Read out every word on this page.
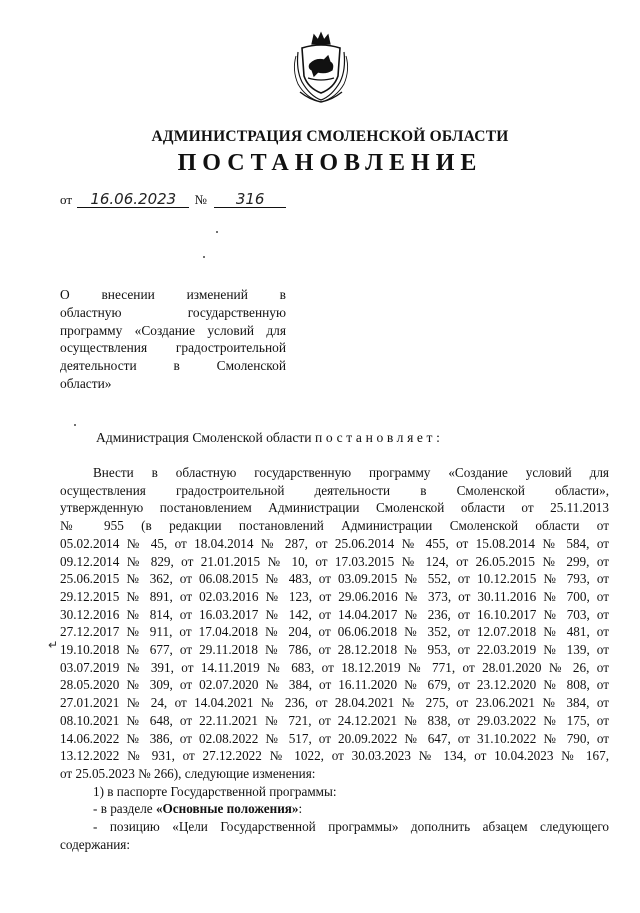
АДМИНИСТРАЦИЯ СМОЛЕНСКОЙ ОБЛАСТИ
ПОСТАНОВЛЕНИЕ
от 16.06.2023 № 316
О внесении изменений в
областную государственную
программу «Создание условий для
осуществления градостроительной
деятельности в Смоленской
области»
Администрация Смоленской области постановляет:
↵
Внести в областную государственную программу «Создание условий для
осуществления градостроительной деятельности в Смоленской области»,
утвержденную постановлением Администрации Смоленской области от 25.11.2013
№ 955 (в редакции постановлений Администрации Смоленской области от
05.02.2014 № 45, от 18.04.2014 № 287, от 25.06.2014 № 455, от 15.08.2014 № 584, от
09.12.2014 № 829, от 21.01.2015 № 10, от 17.03.2015 № 124, от 26.05.2015 № 299, от
25.06.2015 № 362, от 06.08.2015 № 483, от 03.09.2015 № 552, от 10.12.2015 № 793, от
29.12.2015 № 891, от 02.03.2016 № 123, от 29.06.2016 № 373, от 30.11.2016 № 700, от
30.12.2016 № 814, от 16.03.2017 № 142, от 14.04.2017 № 236, от 16.10.2017 № 703, от
27.12.2017 № 911, от 17.04.2018 № 204, от 06.06.2018 № 352, от 12.07.2018 № 481, от
19.10.2018 № 677, от 29.11.2018 № 786, от 28.12.2018 № 953, от 22.03.2019 № 139, от
03.07.2019 № 391, от 14.11.2019 № 683, от 18.12.2019 № 771, от 28.01.2020 № 26, от
28.05.2020 № 309, от 02.07.2020 № 384, от 16.11.2020 № 679, от 23.12.2020 № 808, от
27.01.2021 № 24, от 14.04.2021 № 236, от 28.04.2021 № 275, от 23.06.2021 № 384, от
08.10.2021 № 648, от 22.11.2021 № 721, от 24.12.2021 № 838, от 29.03.2022 № 175, от
14.06.2022 № 386, от 02.08.2022 № 517, от 20.09.2022 № 647, от 31.10.2022 № 790, от
13.12.2022 № 931, от 27.12.2022 № 1022, от 30.03.2023 № 134, от 10.04.2023 № 167,
от 25.05.2023 № 266), следующие изменения:
1) в паспорте Государственной программы:
- в разделе «Основные положения»:
- позицию «Цели Государственной программы» дополнить абзацем следующего
содержания:
